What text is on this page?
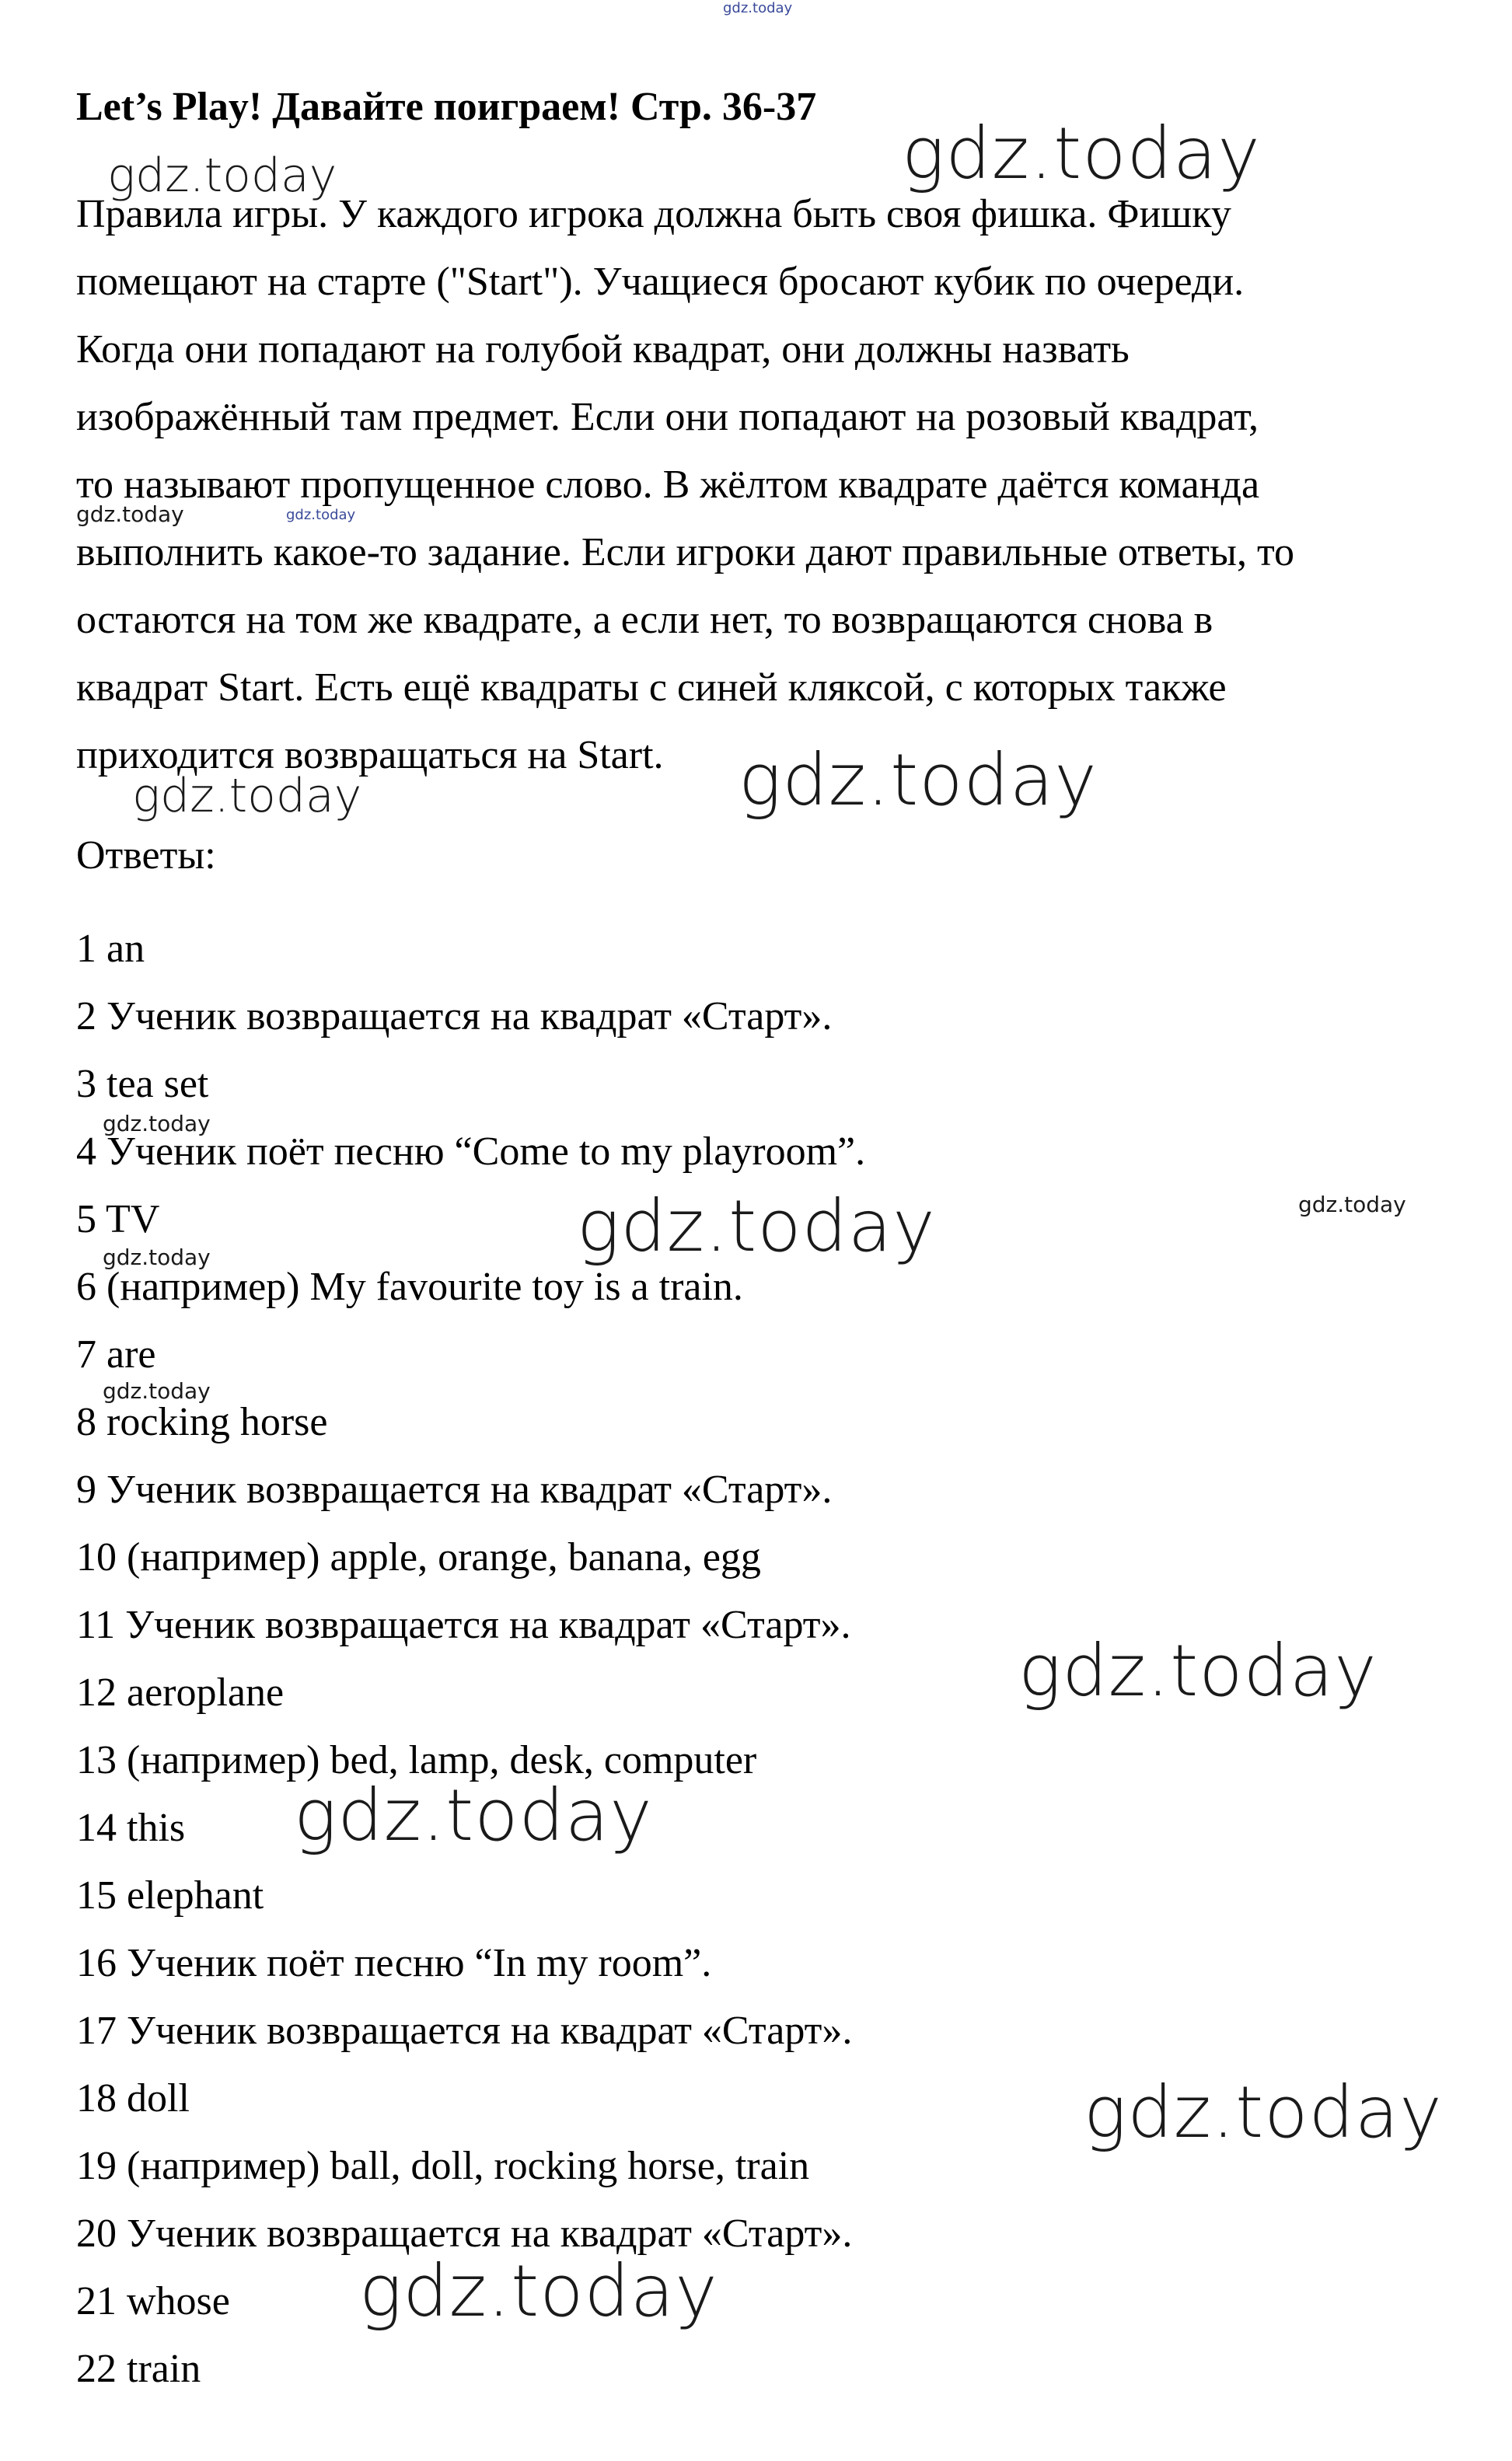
Let’s Play! Давайте поиграем! Стр. 36-37
Правила игры. У каждого игрока должна быть своя фишка. Фишку
помещают на старте ("Start"). Учащиеся бросают кубик по очереди.
Когда они попадают на голубой квадрат, они должны назвать
изображённый там предмет. Если они попадают на розовый квадрат,
то называют пропущенное слово. В жёлтом квадрате даётся команда
выполнить какое-то задание. Если игроки дают правильные ответы, то
остаются на том же квадрате, а если нет, то возвращаются снова в
квадрат Start. Есть ещё квадраты с синей кляксой, с которых также
приходится возвращаться на Start.
Ответы:
1 an
2 Ученик возвращается на квадрат «Старт».
3 tea set
4 Ученик поёт песню “Come to my playroom”.
5 TV
6 (например) My favourite toy is a train.
7 are
8 rocking horse
9 Ученик возвращается на квадрат «Старт».
10 (например) apple, orange, banana, egg
11 Ученик возвращается на квадрат «Старт».
12 aeroplane
13 (например) bed, lamp, desk, computer
14 this
15 elephant
16 Ученик поёт песню “In my room”.
17 Ученик возвращается на квадрат «Старт».
18 doll
19 (например) ball, doll, rocking horse, train
20 Ученик возвращается на квадрат «Старт».
21 whose
22 train
gdz.today
gdz.today	gdz.today
gdz.today	gdz.today
gdz.today	gdz.today
gdz.today
gdz.today	gdz.today
gdz.today
gdz.today
gdz.today
gdz.today
gdz.today
gdz.today
